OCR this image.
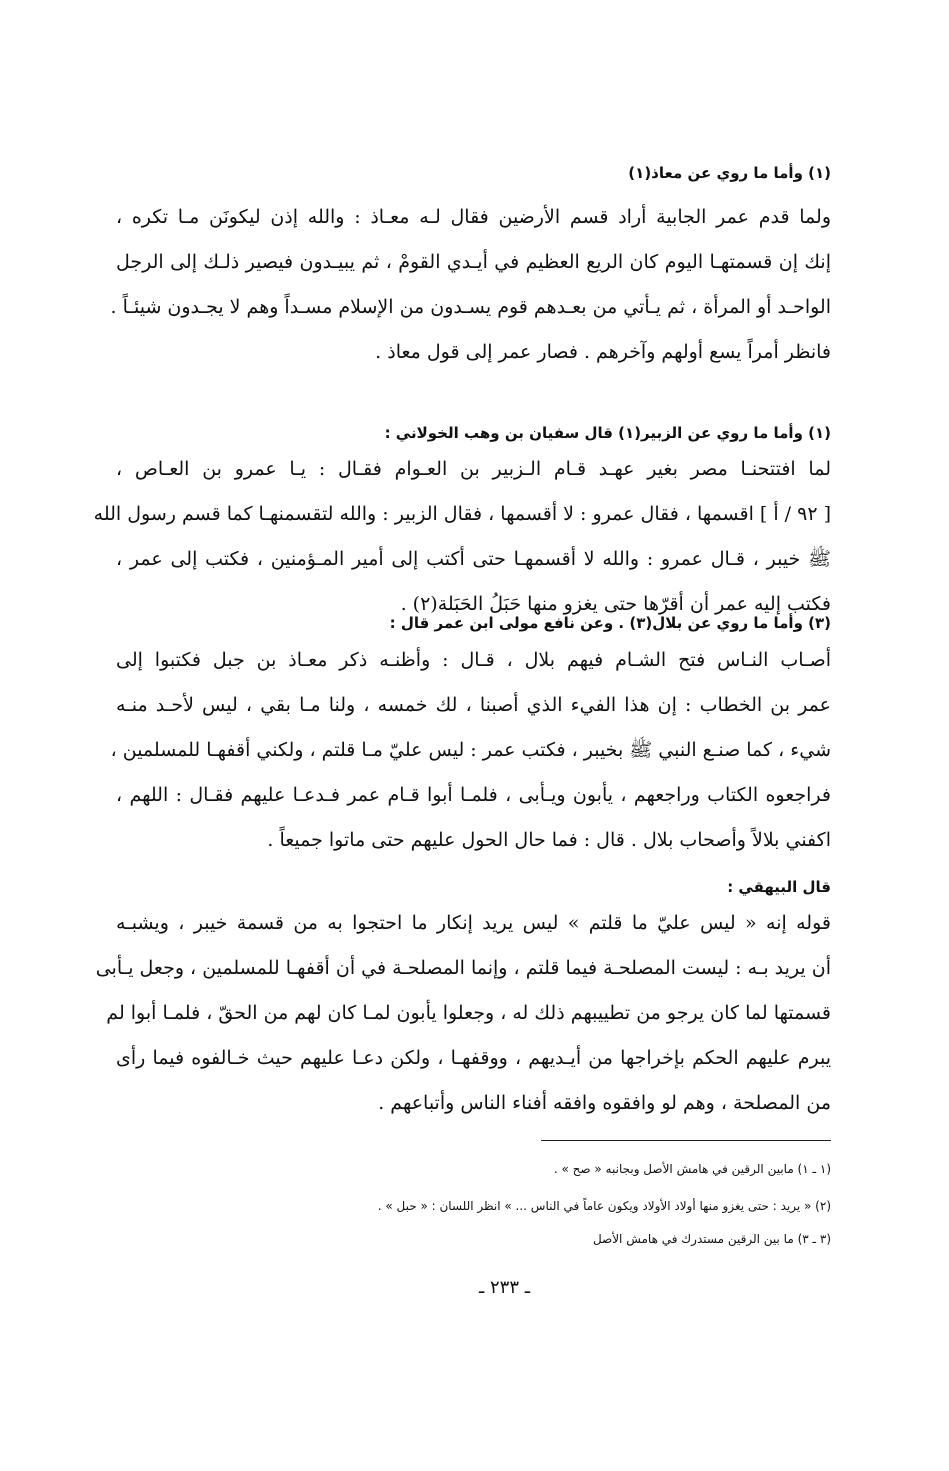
(١) وأما ما روي عن معاذ(١)
ولما قدم عمر الجابية أراد قسم الأرضين فقال لـه معـاذ : والله إذن ليكونَن مـا تكره ،
إنك إن قسمتهـا اليوم كان الريع العظيم في أيـدي القومْ ، ثم يبيـدون فيصير ذلـك إلى الرجل
الواحـد أو المرأة ، ثم يـأتي من بعـدهم قوم يسـدون من الإسلام مسـداً وهم لا يجـدون شيئـاً .
فانظر أمراً يسع أولهم وآخرهم . فصار عمر إلى قول معاذ .
(١) وأما ما روي عن الزبير(١) قال سفيان بن وهب الخولاني :
لما افتتحنـا مصر بغير عهـد قـام الـزبير بن العـوام فقـال : يـا عمرو بن العـاص ،
[ ٩٢ / أ ] اقسمها ، فقال عمرو : لا أقسمها ، فقال الزبير : والله لتقسمنهـا كما قسم رسول الله
ﷺ خيبر ، قـال عمرو : والله لا أقسمهـا حتى أكتب إلى أمير المـؤمنين ، فكتب إلى عمر ،
فكتب إليه عمر أن أقرّها حتى يغزو منها حَبَلُ الحَبَلة(٢) .
(٣) وأما ما روي عن بلال(٣) . وعن نافع مولى ابن عمر قال :
أصـاب النـاس فتح الشـام فيهم بلال ، قـال : وأظنـه ذكر معـاذ بن جبل فكتبوا إلى
عمر بن الخطاب : إن هذا الفيء الذي أصبنا ، لك خمسه ، ولنا مـا بقي ، ليس لأحـد منـه
شيء ، كما صنـع النبي ﷺ بخيبر ، فكتب عمر : ليس عليّ مـا قلتم ، ولكني أقفهـا للمسلمين ،
فراجعوه الكتاب وراجعهم ، يأبون ويـأبى ، فلمـا أبوا قـام عمر فـدعـا عليهم فقـال : اللهم ،
اكفني بلالاً وأصحاب بلال . قال : فما حال الحول عليهم حتى ماتوا جميعاً .
قال البيهقي :
قوله إنه « ليس عليّ ما قلتم » ليس يريد إنكار ما احتجوا به من قسمة خيبر ، ويشبـه
أن يريد بـه : ليست المصلحـة فيما قلتم ، وإنما المصلحـة في أن أقفهـا للمسلمين ، وجعل يـأبى
قسمتها لما كان يرجو من تطييبهم ذلك له ، وجعلوا يأبون لمـا كان لهم من الحقّ ، فلمـا أبوا لم
يبرم عليهم الحكم بإخراجها من أيـديهم ، ووقفهـا ، ولكن دعـا عليهم حيث خـالفوه فيما رأى
من المصلحة ، وهم لو وافقوه وافقه أفناء الناس وأتباعهم .
(١ ـ ١) مابين الرقين في هامش الأصل وبجانبه « صح » .
(٢) « يريد : حتى يغزو منها أولاد الأولاد ويكون عاماً في الناس ... » انظر اللسان : « حبل » .
(٣ ـ ٣) ما بين الرقين مستدرك في هامش الأصل
ـ ٢٣٣ ـ
